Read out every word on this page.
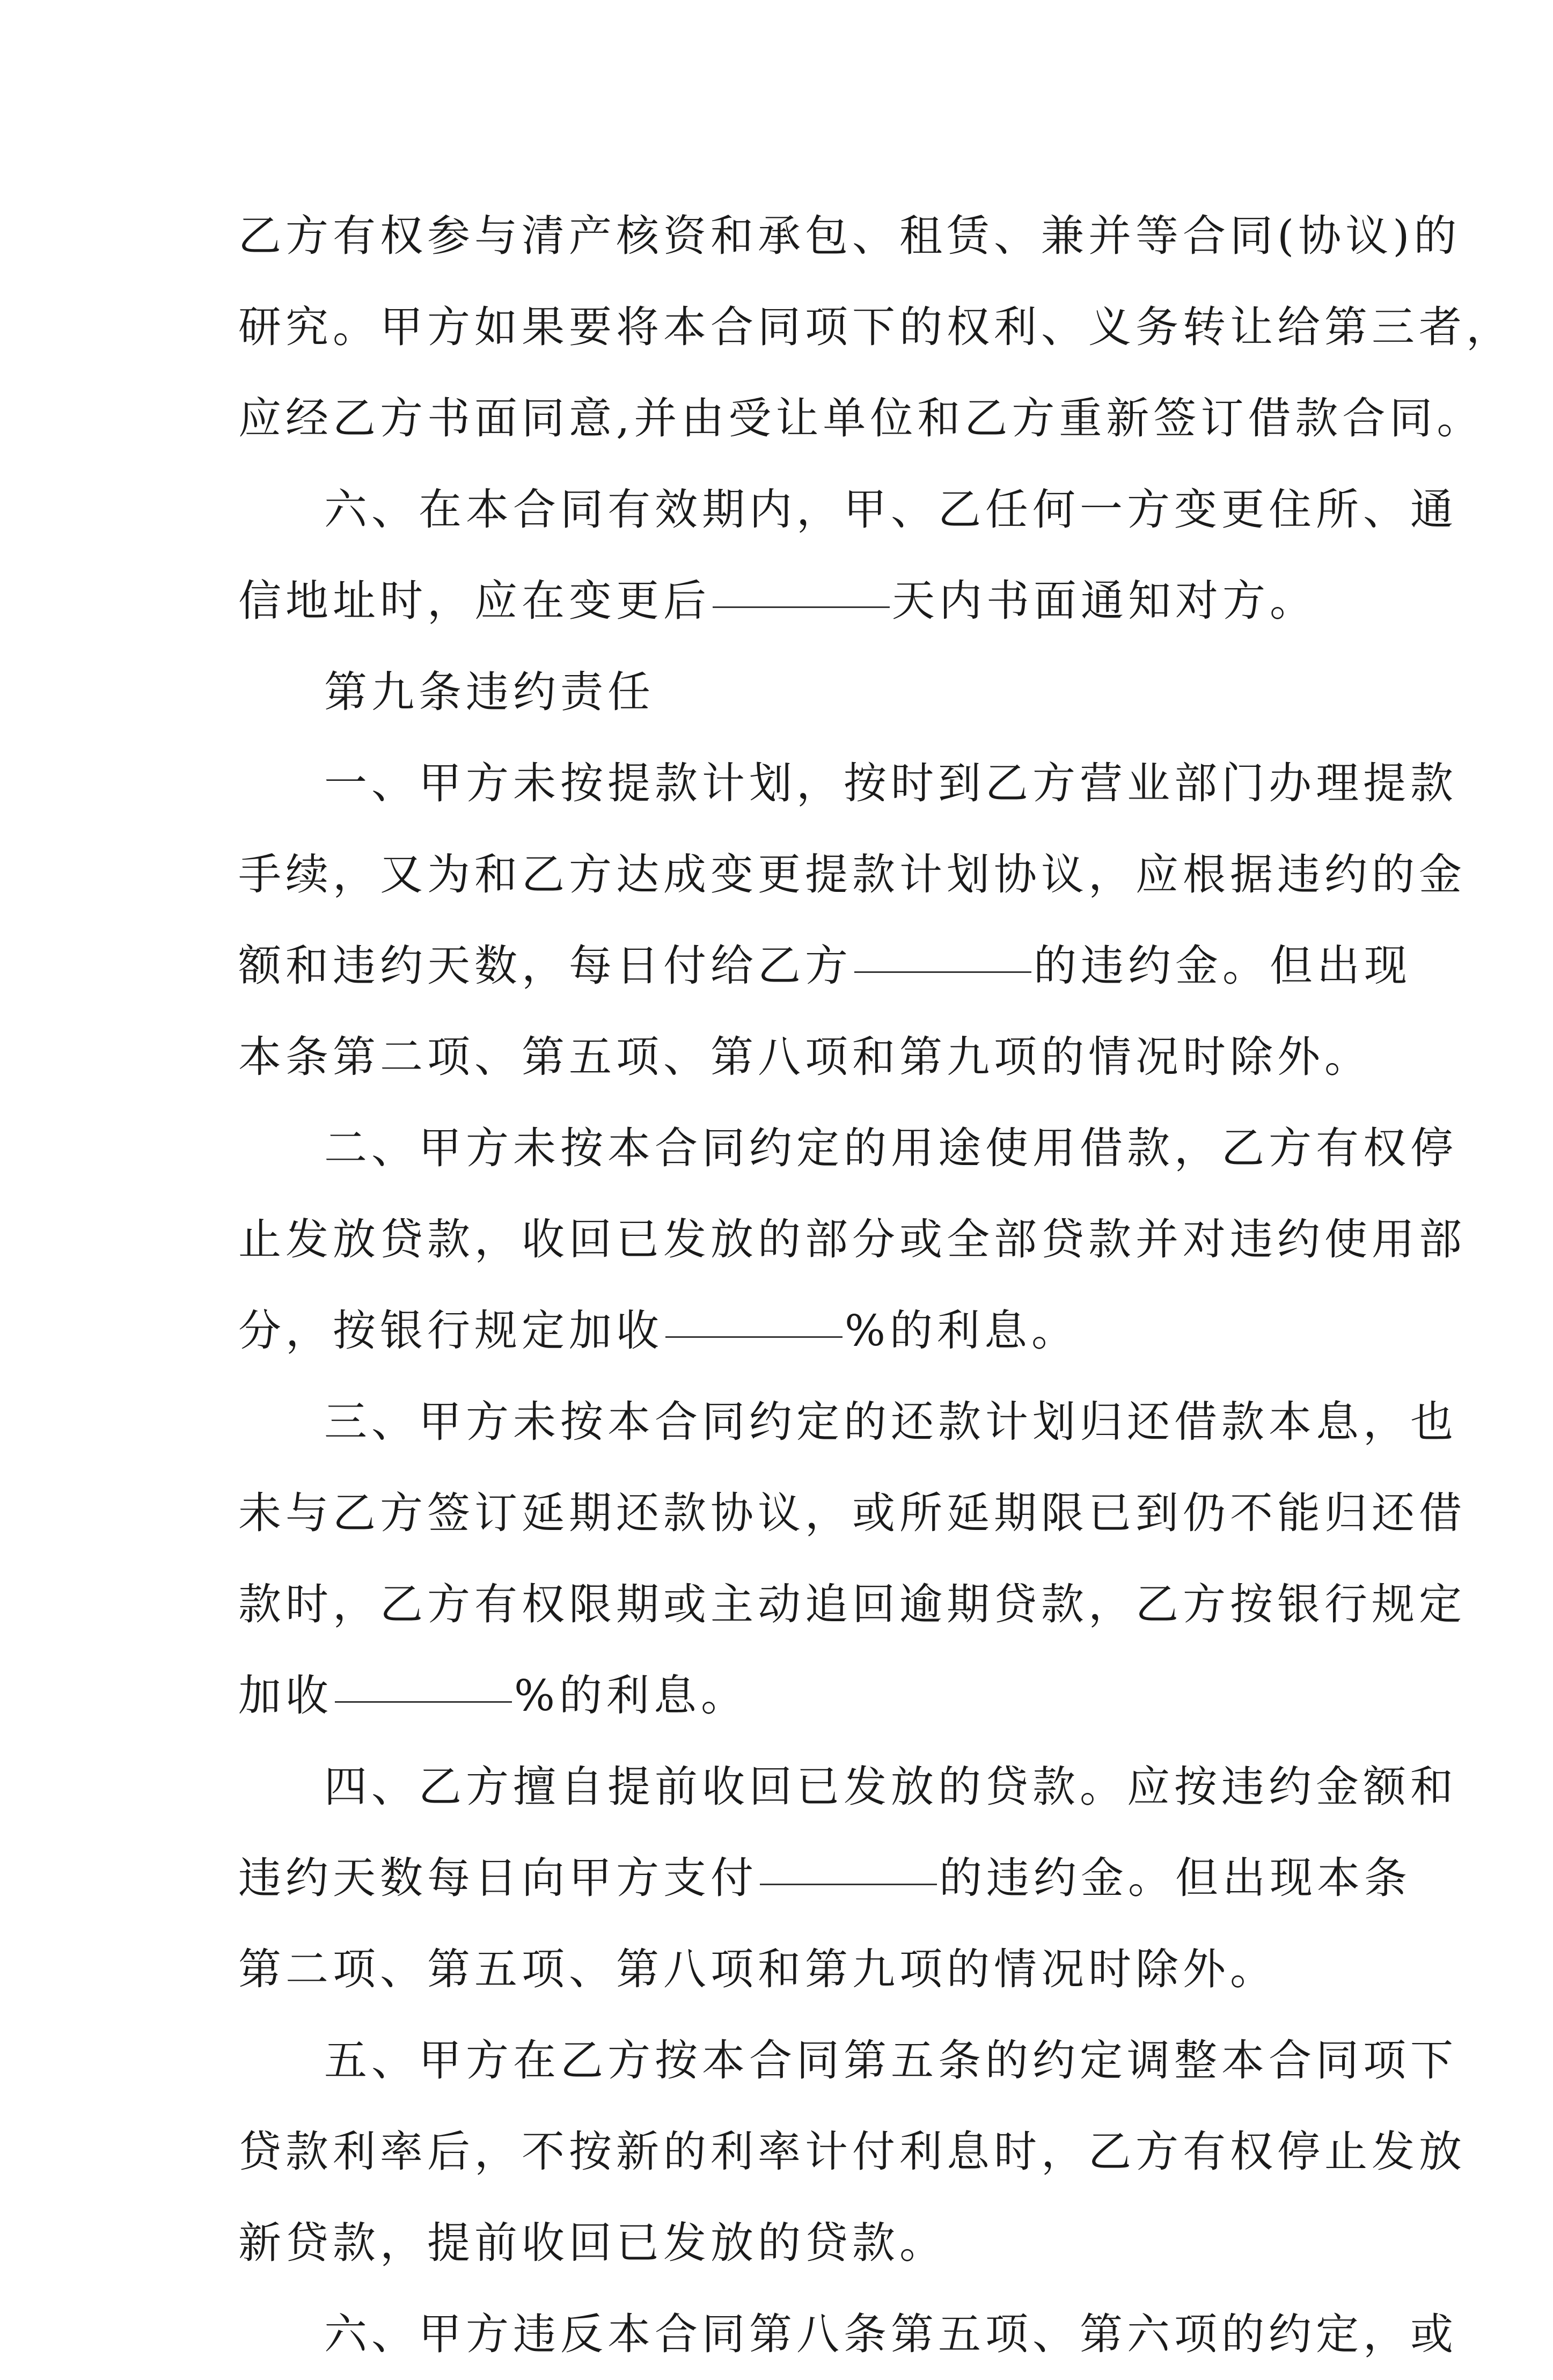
乙方有权参与清产核资和承包、租赁、兼并等合同(协议)的
研究。甲方如果要将本合同项下的权利、义务转让给第三者，
应经乙方书面同意,并由受让单位和乙方重新签订借款合同。
六、在本合同有效期内，甲、乙任何一方变更住所、通
信地址时，应在变更后	天内书面通知对方。
第九条违约责任
一、甲方未按提款计划，按时到乙方营业部门办理提款
手续，又为和乙方达成变更提款计划协议，应根据违约的金
额和违约天数，每日付给乙方	的违约金。但出现
本条第二项、第五项、第八项和第九项的情况时除外。
二、甲方未按本合同约定的用途使用借款，乙方有权停
止发放贷款，收回已发放的部分或全部贷款并对违约使用部
分，按银行规定加收	%的利息。
三、甲方未按本合同约定的还款计划归还借款本息，也
未与乙方签订延期还款协议，或所延期限已到仍不能归还借
款时，乙方有权限期或主动追回逾期贷款，乙方按银行规定
加收	%的利息。
四、乙方擅自提前收回已发放的贷款。应按违约金额和
违约天数每日向甲方支付	的违约金。但出现本条
第二项、第五项、第八项和第九项的情况时除外。
五、甲方在乙方按本合同第五条的约定调整本合同项下
贷款利率后，不按新的利率计付利息时，乙方有权停止发放
新贷款，提前收回已发放的贷款。
六、甲方违反本合同第八条第五项、第六项的约定，或
